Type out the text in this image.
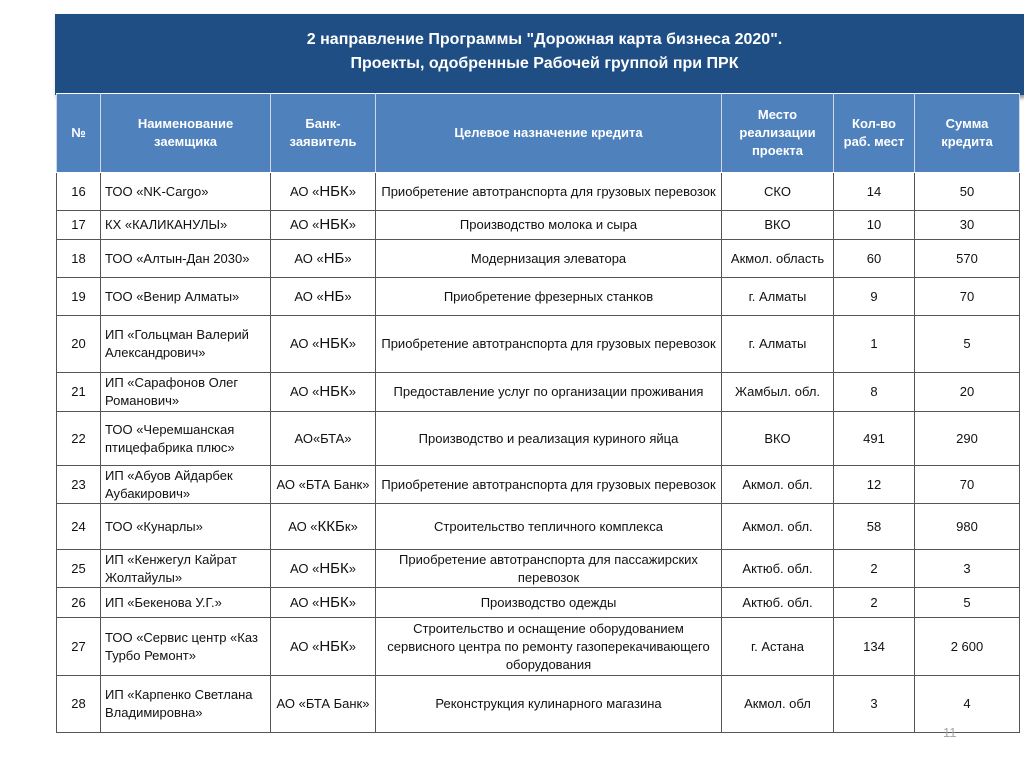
2 направление Программы "Дорожная карта бизнеса 2020".
Проекты, одобренные Рабочей группой при ПРК
№	Наименование заемщика	Банк-заявитель	Целевое назначение кредита	Место реализации проекта	Кол-во раб. мест	Сумма кредита
16	ТОО «NK-Cargo»	АО «НБК»	Приобретение автотранспорта для грузовых перевозок	СКО	14	50
17	КХ «КАЛИКАНУЛЫ»	АО «НБК»	Производство молока и сыра	ВКО	10	30
18	ТОО «Алтын-Дан 2030»	АО «НБ»	Модернизация элеватора	Акмол. область	60	570
19	ТОО «Венир Алматы»	АО «НБ»	Приобретение фрезерных станков	г. Алматы	9	70
20	ИП «Гольцман Валерий Александрович»	АО «НБК»	Приобретение автотранспорта для грузовых перевозок	г. Алматы	1	5
21	ИП «Сарафонов Олег Романович»	АО «НБК»	Предоставление услуг по организации проживания	Жамбыл. обл.	8	20
22	ТОО «Черемшанская птицефабрика плюс»	АО«БТА»	Производство и реализация куриного яйца	ВКО	491	290
23	ИП «Абуов Айдарбек Аубакирович»	АО «БТА Банк»	Приобретение автотранспорта для грузовых перевозок	Акмол. обл.	12	70
24	ТОО «Кунарлы»	АО «ККБк»	Строительство тепличного комплекса	Акмол. обл.	58	980
25	ИП «Кенжегул Кайрат Жолтайулы»	АО «НБК»	Приобретение автотранспорта для пассажирских перевозок	Актюб. обл.	2	3
26	ИП «Бекенова У.Г.»	АО «НБК»	Производство одежды	Актюб. обл.	2	5
27	ТОО «Сервис центр «Каз Турбо Ремонт»	АО «НБК»	Строительство и оснащение оборудованием сервисного центра по ремонту газоперекачивающего оборудования	г. Астана	134	2 600
28	ИП «Карпенко Светлана Владимировна»	АО «БТА Банк»	Реконструкция кулинарного магазина	Акмол. обл	3	4
11
